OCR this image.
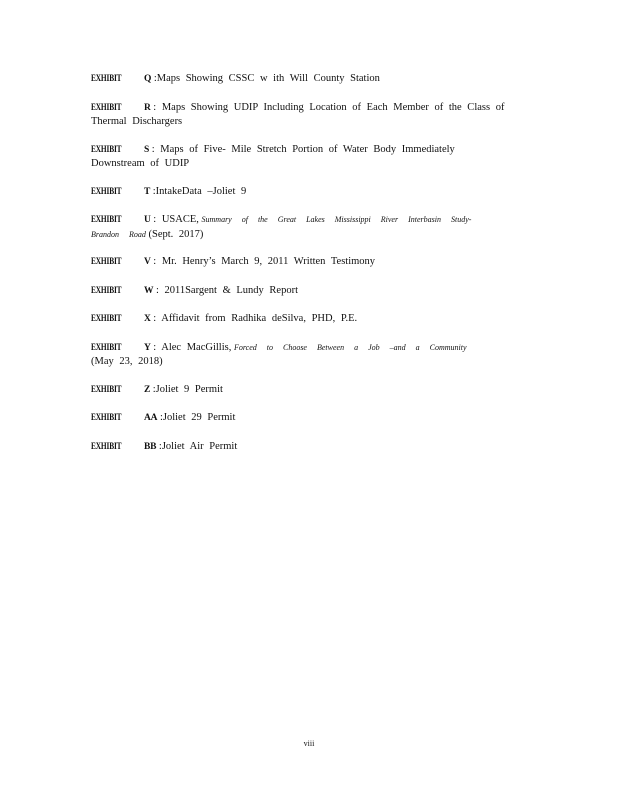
EXHIBIT Q :Maps Showing CSSC w ith Will County Station
EXHIBIT R : Maps Showing UDIP Including Location of Each Member of the Class of
Thermal Dischargers
EXHIBIT S : Maps of Five- Mile Stretch Portion of Water Body Immediately
Downstream of UDIP
EXHIBIT T :IntakeData –Joliet 9
EXHIBIT U : USACE, Summary of the Great Lakes Mississippi River Interbasin Study-
Brandon Road (Sept. 2017)
EXHIBIT V : Mr. Henry’s March 9, 2011 Written Testimony
EXHIBIT W : 2011Sargent & Lundy Report
EXHIBIT X : Affidavit from Radhika deSilva, PHD, P.E.
EXHIBIT Y : Alec MacGillis, Forced to Choose Between a Job –and a Community
(May 23, 2018)
EXHIBIT Z :Joliet 9 Permit
EXHIBIT AA :Joliet 29 Permit
EXHIBIT BB :Joliet Air Permit
viii
